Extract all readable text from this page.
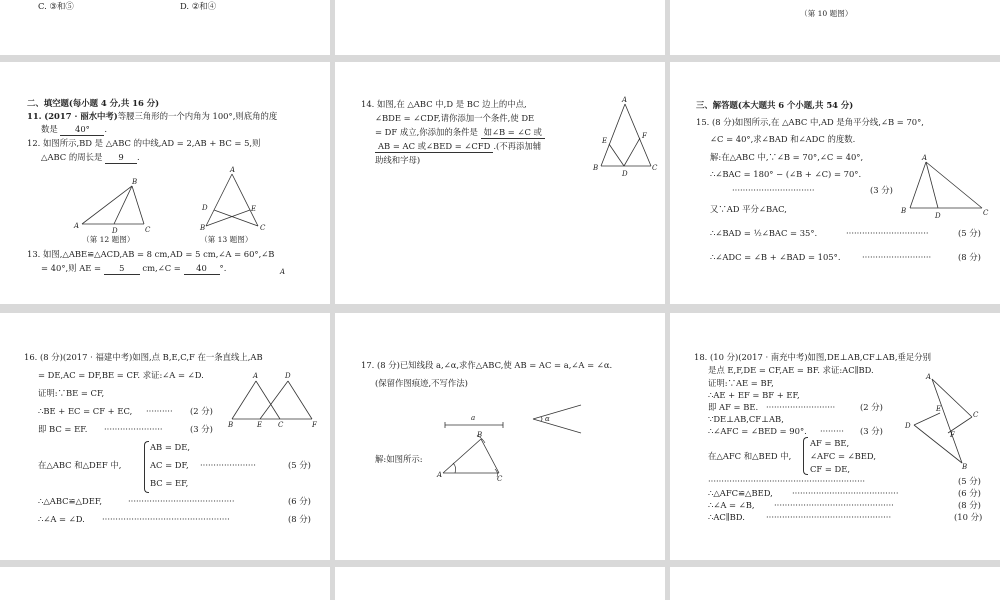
C. ③和⑤	D. ②和④
（第 10 题图）
二、填空题(每小题 4 分,共 16 分)
11. (2017 · 丽水中考)等腰三角形的一个内角为 100°,则底角的度
数是 40° .
12. 如图所示,BD 是 △ABC 的中线,AD = 2,AB + BC = 5,则
△ABC 的周长是 9 .
B
A
D	C
（第 12 题图）
A
D	E
B	C
（第 13 题图）
13. 如图,△ABE≌△ACD,AB = 8 cm,AD = 5 cm,∠A = 60°,∠B
= 40°,则 AE = 5 cm,∠C = 40 °.	A
14. 如图,在 △ABC 中,D 是 BC 边上的中点,
∠BDE = ∠CDF,请你添加一个条件,使 DE
= DF 成立,你添加的条件是 如∠B = ∠C 或
AB = AC 或∠BED = ∠CFD .(不再添加辅
助线和字母)
A
E
F
B
D
C
三、解答题(本大题共 6 个小题,共 54 分)
15. (8 分)如图所示,在 △ABC 中,AD 是角平分线,∠B = 70°,
∠C = 40°,求∠BAD 和∠ADC 的度数.
解:在△ABC 中,∵∠B = 70°,∠C = 40°,
∴∠BAC = 180° − (∠B + ∠C) = 70°.
·······························	(3 分)
又∵AD 平分∠BAC,
∴∠BAD = ½∠BAC = 35°.	·······························	(5 分)
∴∠ADC = ∠B + ∠BAD = 105°.	··························	(8 分)
A
B
D	C
16. (8 分)(2017 · 福建中考)如图,点 B,E,C,F 在一条直线上,AB
= DE,AC = DF,BE = CF. 求证:∠A = ∠D.
证明:∵BE = CF,
∴BE + EC = CF + EC, ·········· (2 分)
即 BC = EF. ······················	(3 分)
A	D
B	E C	F
在△ABC 和△DEF 中,
AB = DE,
AC = DF,
BC = EF,
·····················	(5 分)
∴△ABC≌△DEF,	········································	(6 分)
∴∠A = ∠D. ················································	(8 分)
17. (8 分)已知线段 a,∠α,求作△ABC,使 AB = AC = a,∠A = ∠α.
(保留作图痕迹,不写作法)
a	α
解:如图所示:
B
A	C
18. (10 分)(2017 · 南充中考)如图,DE⊥AB,CF⊥AB,垂足分别
是点 E,F,DE = CF,AE = BF. 求证:AC∥BD.
证明:∵AE = BF,
∴AE + EF = BF + EF,
即 AF = BE. ··························	(2 分)
∵DE⊥AB,CF⊥AB,
∴∠AFC = ∠BED = 90°. ········· (3 分)
在△AFC 和△BED 中,
AF = BE,
∠AFC = ∠BED,
CF = DE,
···························································	(5 分)
∴△AFC≌△BED, ········································	(6 分)
∴∠A = ∠B, ·············································	(8 分)
∴AC∥BD.	···············································	(10 分)
A
E
C
D
F
B
